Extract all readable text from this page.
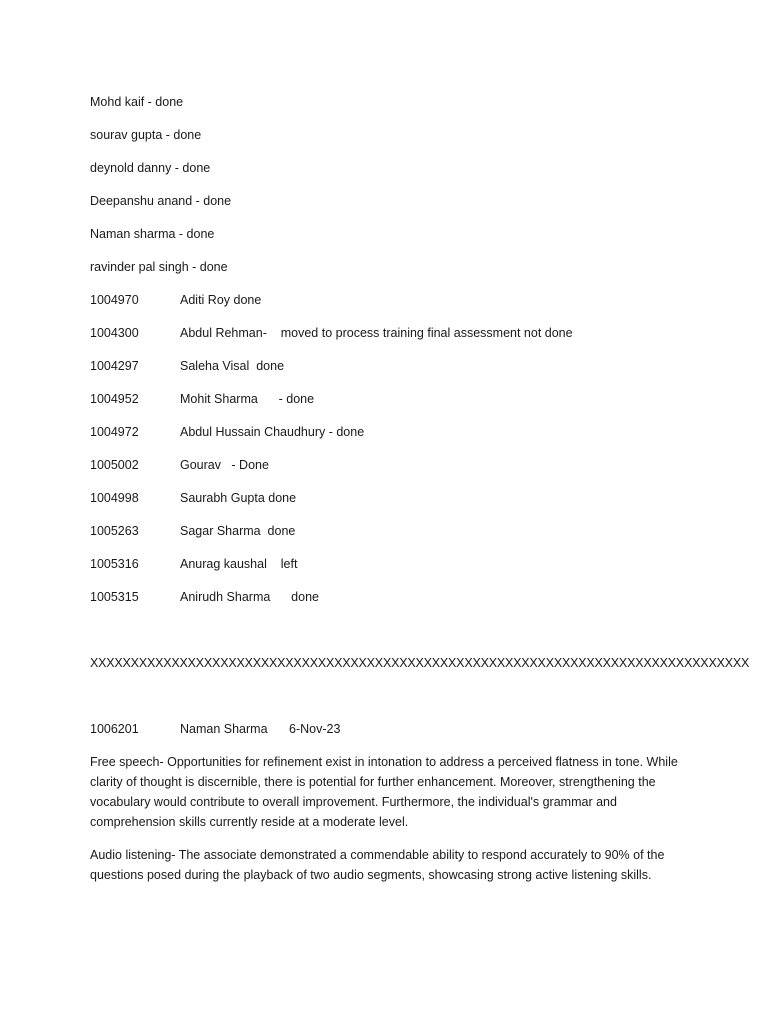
Mohd kaif - done
sourav gupta - done
deynold danny - done
Deepanshu anand - done
Naman sharma - done
ravinder pal singh - done
1004970	Aditi Roy done
1004300	Abdul Rehman-    moved to process training final assessment not done
1004297	Saleha Visal  done
1004952	Mohit Sharma      - done
1004972	Abdul Hussain Chaudhury - done
1005002	Gourav   - Done
1004998	Saurabh Gupta done
1005263	Sagar Sharma  done
1005316	Anurag kaushal    left
1005315	Anirudh Sharma      done
XXXXXXXXXXXXXXXXXXXXXXXXXXXXXXXXXXXXXXXXXXXXXXXXXXXXXXXXXXXXXXXXXXXXXXXXXXXXXXXXX
1006201	Naman Sharma	6-Nov-23

Free speech- Opportunities for refinement exist in intonation to address a perceived flatness in tone. While clarity of thought is discernible, there is potential for further enhancement. Moreover, strengthening the vocabulary would contribute to overall improvement. Furthermore, the individual's grammar and comprehension skills currently reside at a moderate level.

Audio listening- The associate demonstrated a commendable ability to respond accurately to 90% of the questions posed during the playback of two audio segments, showcasing strong active listening skills.
